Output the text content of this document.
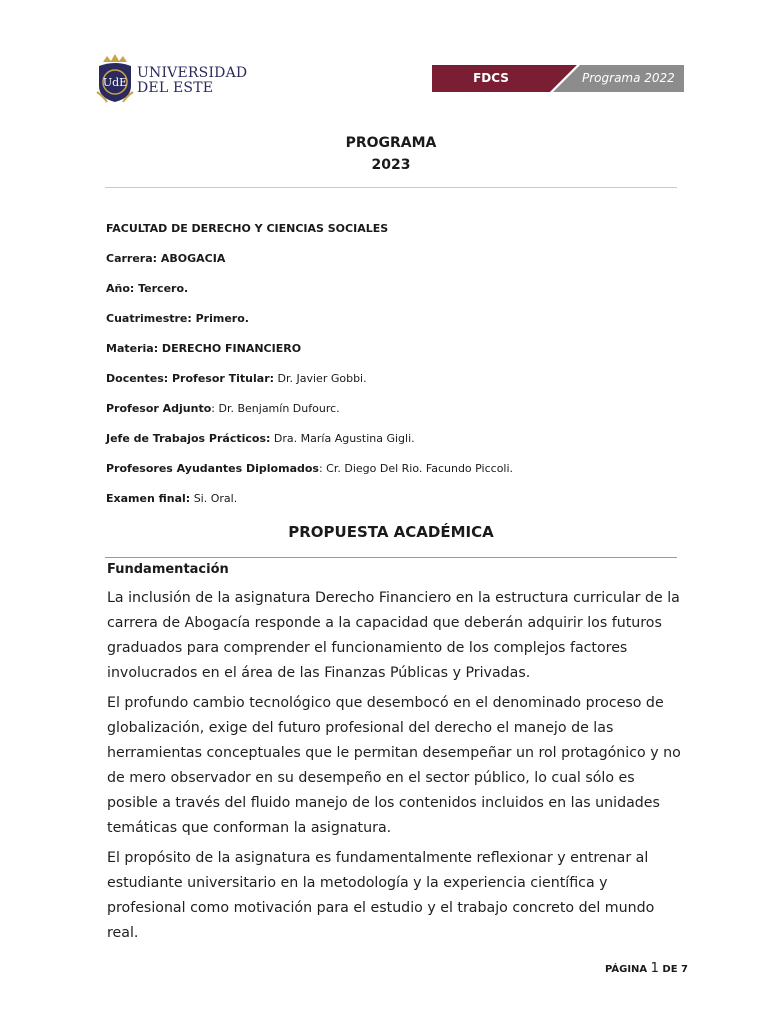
UdE
UNIVERSIDAD
DEL ESTE
FDCS	Programa 2022
PROGRAMA
2023
FACULTAD DE DERECHO Y CIENCIAS SOCIALES
Carrera: ABOGACIA
Año: Tercero.
Cuatrimestre: Primero.
Materia: DERECHO FINANCIERO
Docentes: Profesor Titular: Dr. Javier Gobbi.
Profesor Adjunto: Dr. Benjamín Dufourc.
Jefe de Trabajos Prácticos: Dra. María Agustina Gigli.
Profesores Ayudantes Diplomados: Cr. Diego Del Rio. Facundo Piccoli.
Examen final: Si. Oral.
PROPUESTA ACADÉMICA
Fundamentación

La inclusión de la asignatura Derecho Financiero en la estructura curricular de la carrera de Abogacía responde a la capacidad que deberán adquirir los futuros graduados para comprender el funcionamiento de los complejos factores involucrados en el área de las Finanzas Públicas y Privadas.

El profundo cambio tecnológico que desembocó en el denominado proceso de globalización, exige del futuro profesional del derecho el manejo de las herramientas conceptuales que le permitan desempeñar un rol protagónico y no de mero observador en su desempeño en el sector público, lo cual sólo es posible a través del fluido manejo de los contenidos incluidos en las unidades temáticas que conforman la asignatura.

El propósito de la asignatura es fundamentalmente reflexionar y entrenar al estudiante universitario en la metodología y la experiencia científica y profesional como motivación para el estudio y el trabajo concreto del mundo real.

PÁGINA 1 DE 7
